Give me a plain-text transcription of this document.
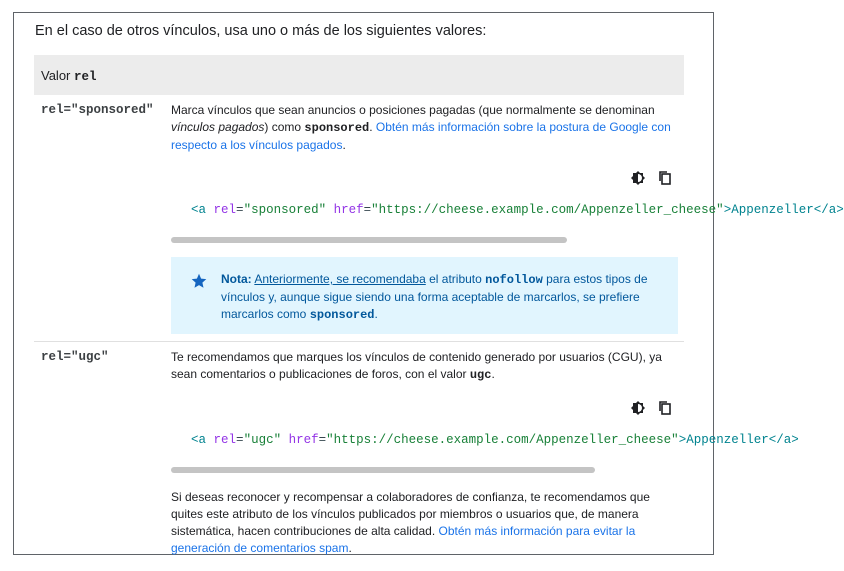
En el caso de otros vínculos, usa uno o más de los siguientes valores:
Valor rel
rel="sponsored" Marca vínculos que sean anuncios o posiciones pagadas (que normalmente se denominan vínculos pagados) como sponsored. Obtén más información sobre la postura de Google con respecto a los vínculos pagados.
<a rel="sponsored" href="https://cheese.example.com/Appenzeller_cheese">Appenzeller</a>
Nota: Anteriormente, se recomendaba el atributo nofollow para estos tipos de vínculos y, aunque sigue siendo una forma aceptable de marcarlos, se prefiere marcarlos como sponsored.
rel="ugc"	Te recomendamos que marques los vínculos de contenido generado por usuarios (CGU), ya sean comentarios o publicaciones de foros, con el valor ugc.
<a rel="ugc" href="https://cheese.example.com/Appenzeller_cheese">Appenzeller</a>
Si deseas reconocer y recompensar a colaboradores de confianza, te recomendamos que quites este atributo de los vínculos publicados por miembros o usuarios que, de manera sistemática, hacen contribuciones de alta calidad. Obtén más información para evitar la generación de comentarios spam.
